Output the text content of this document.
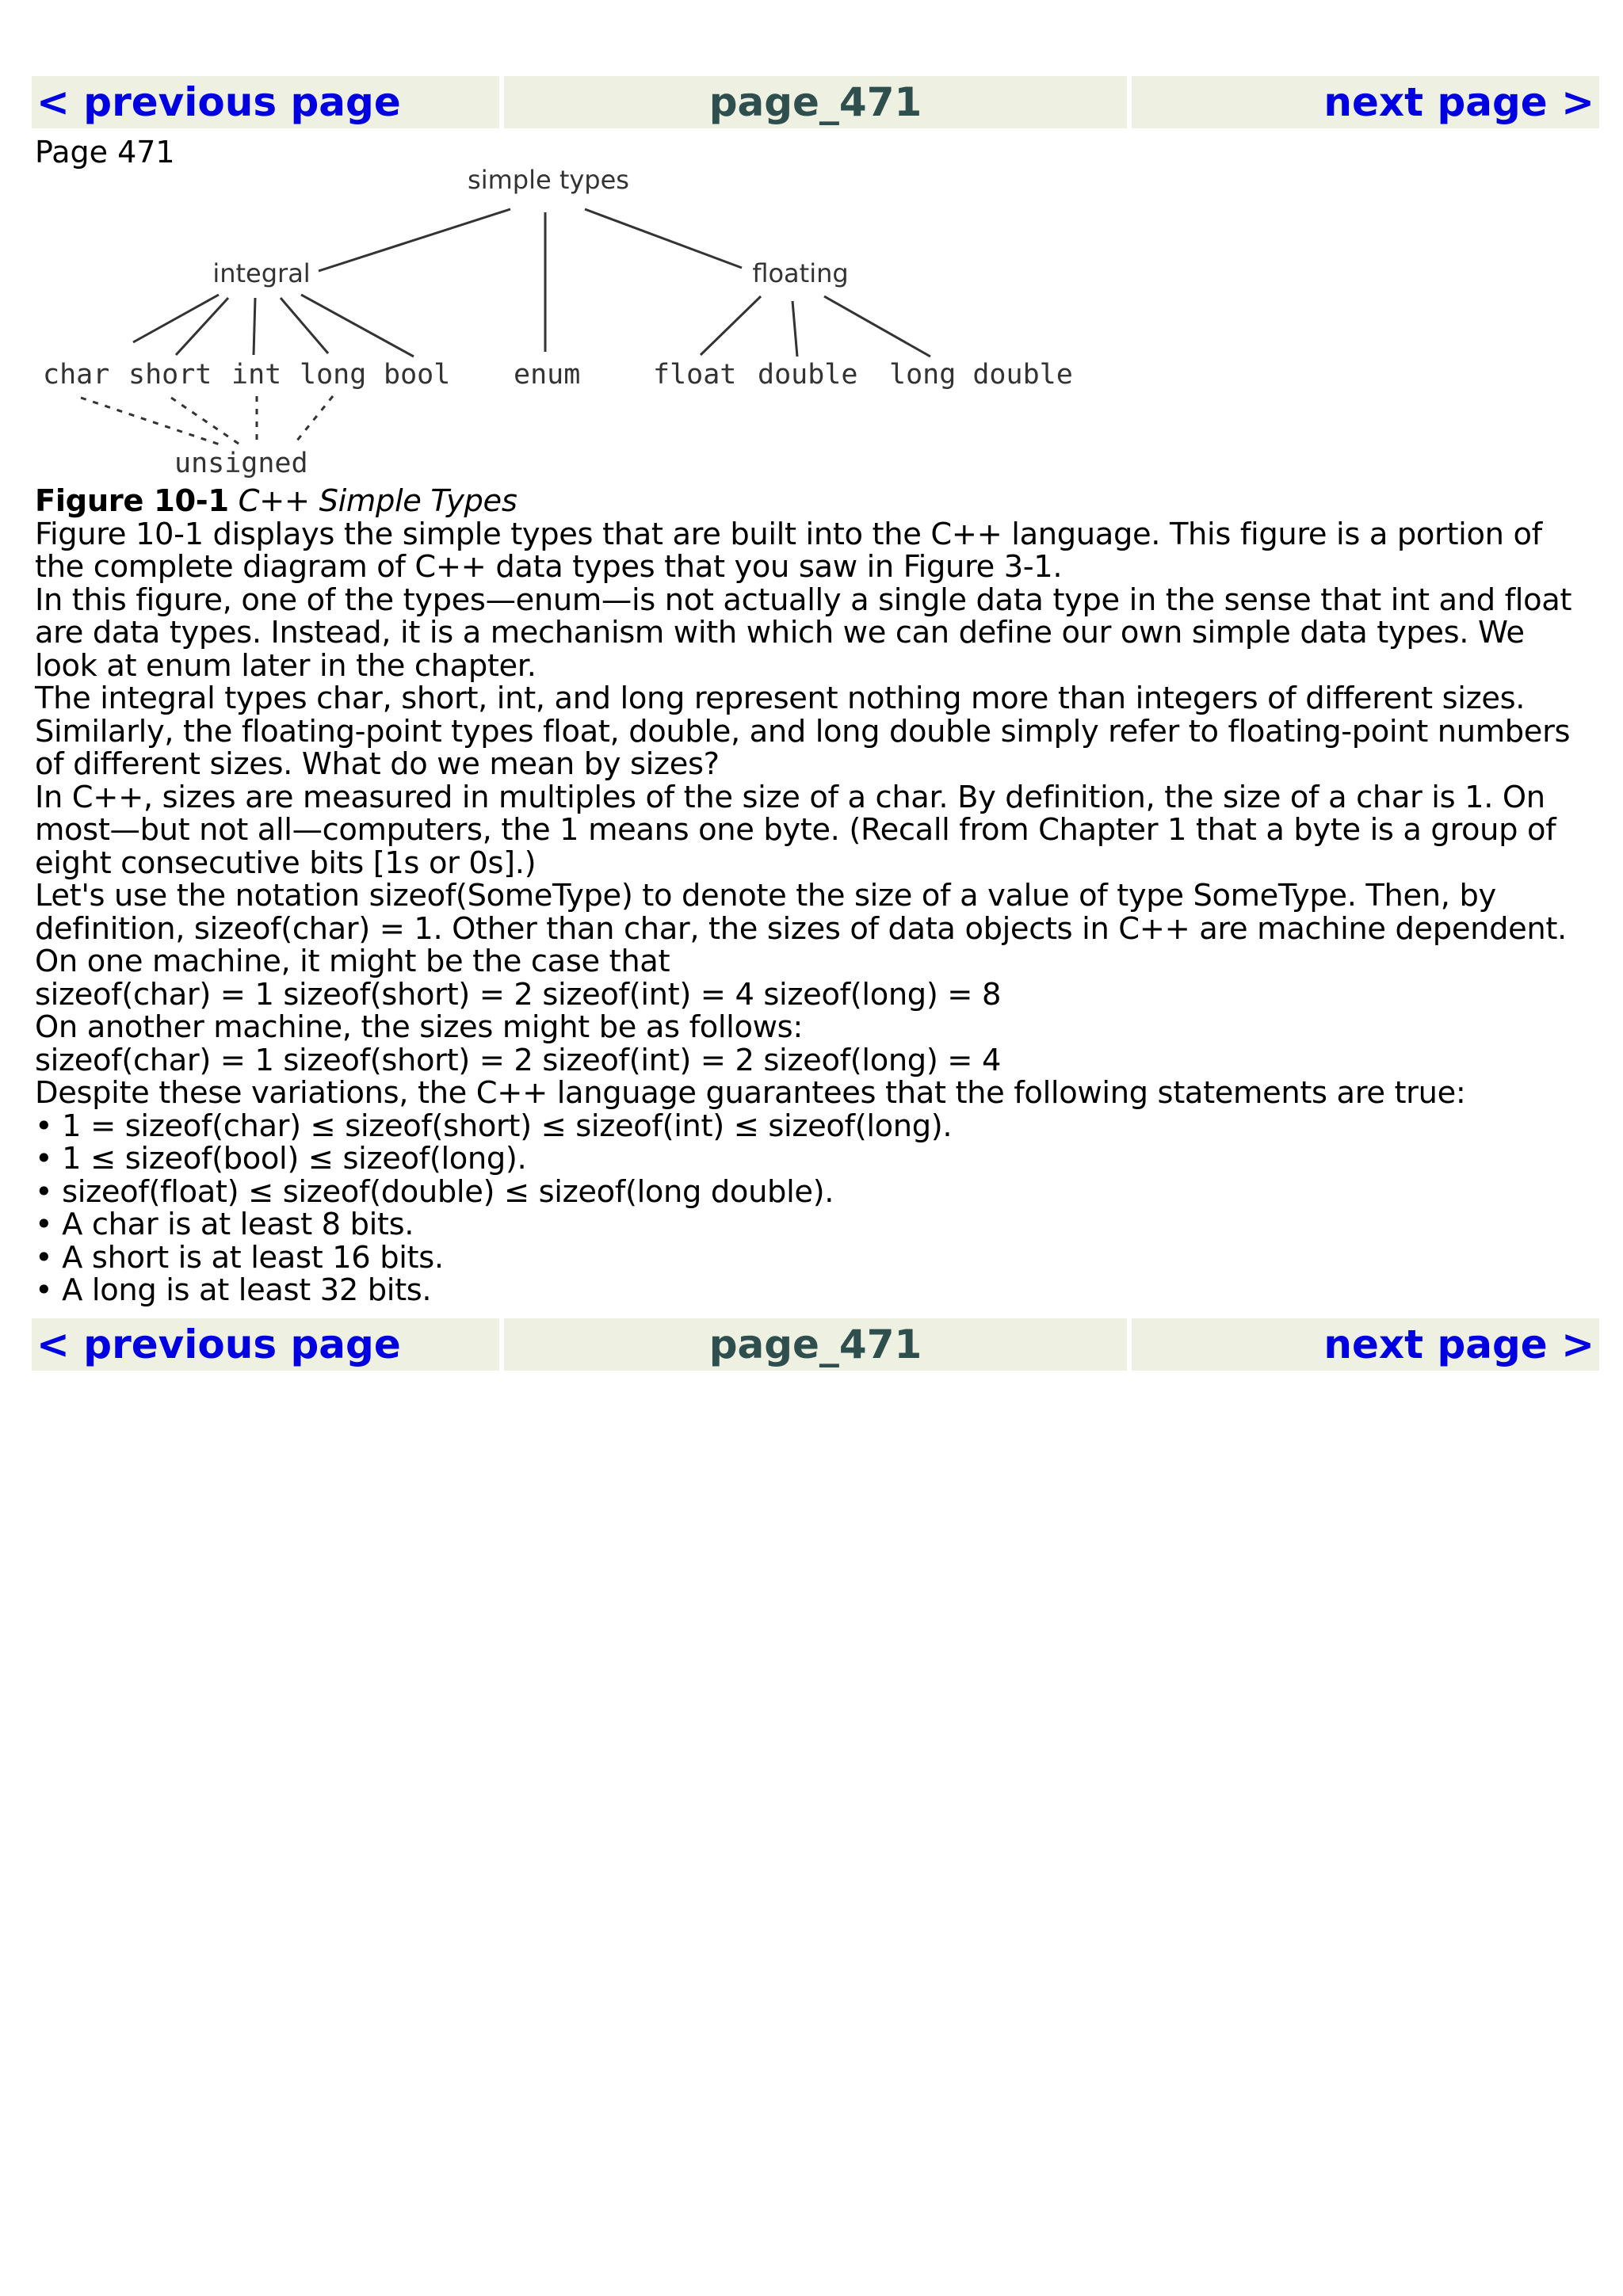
< previous page	page_471	next page >
Page 471
simple types
integral	floating
char short int long bool enum	float double long double
unsigned
Figure 10-1 C++ Simple Types
Figure 10-1 displays the simple types that are built into the C++ language. This figure is a portion of the complete diagram of C++ data types that you saw in Figure 3-1.
In this figure, one of the types—enum—is not actually a single data type in the sense that int and float are data types. Instead, it is a mechanism with which we can define our own simple data types. We look at enum later in the chapter.
The integral types char, short, int, and long represent nothing more than integers of different sizes. Similarly, the floating-point types float, double, and long double simply refer to floating-point numbers of different sizes. What do we mean by sizes?
In C++, sizes are measured in multiples of the size of a char. By definition, the size of a char is 1. On most—but not all—computers, the 1 means one byte. (Recall from Chapter 1 that a byte is a group of eight consecutive bits [1s or 0s].)
Let's use the notation sizeof(SomeType) to denote the size of a value of type SomeType. Then, by definition, sizeof(char) = 1. Other than char, the sizes of data objects in C++ are machine dependent. On one machine, it might be the case that
sizeof(char) = 1 sizeof(short) = 2 sizeof(int) = 4 sizeof(long) = 8
On another machine, the sizes might be as follows:
sizeof(char) = 1 sizeof(short) = 2 sizeof(int) = 2 sizeof(long) = 4
Despite these variations, the C++ language guarantees that the following statements are true:
• 1 = sizeof(char) ≤ sizeof(short) ≤ sizeof(int) ≤ sizeof(long).
• 1 ≤ sizeof(bool) ≤ sizeof(long).
• sizeof(float) ≤ sizeof(double) ≤ sizeof(long double).
• A char is at least 8 bits.
• A short is at least 16 bits.
• A long is at least 32 bits.
< previous page	page_471	next page >
